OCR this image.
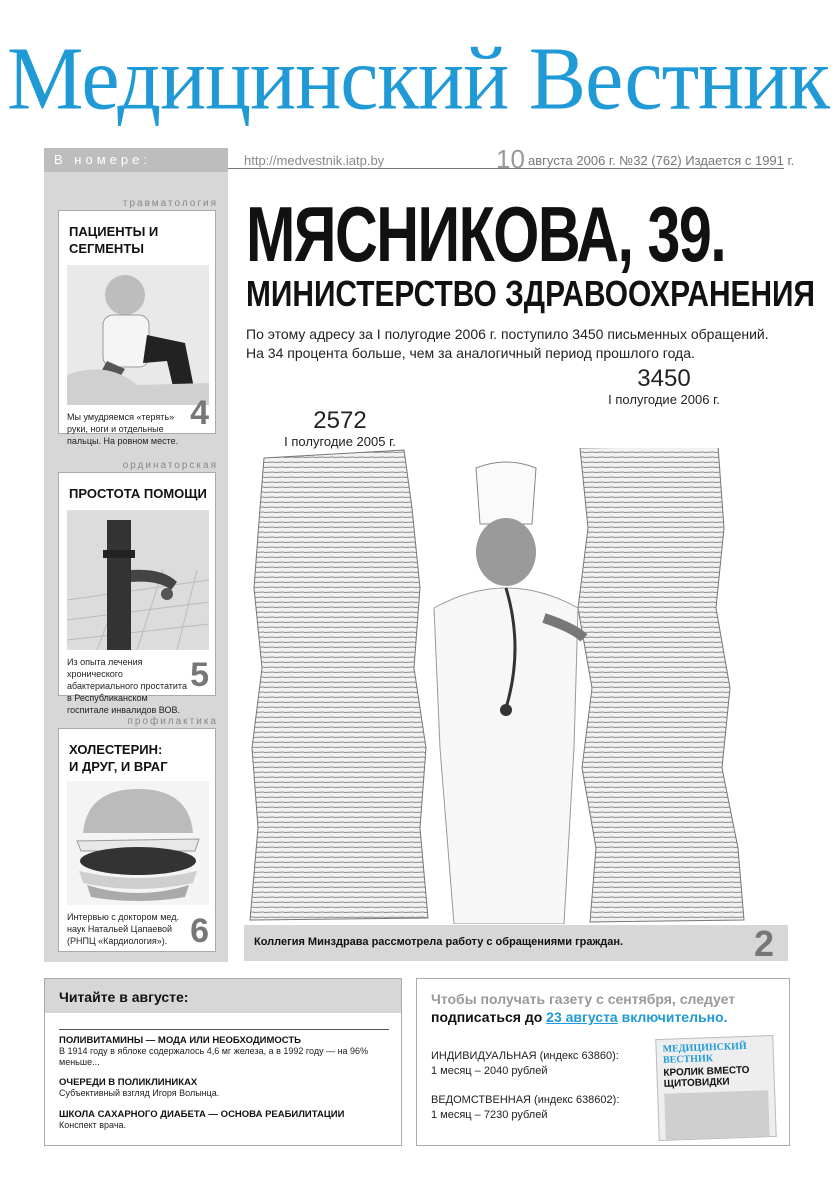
Медицинский Вестник
В номере:	http://medvestnik.iatp.by	10 августа 2006 г. №32 (762) Издается с 1991 г.
травматология
ПАЦИЕНТЫ И СЕГМЕНТЫ
Мы умудряемся «терять» руки, ноги и отдельные пальцы. На ровном месте.
4
ординаторская
ПРОСТОТА ПОМОЩИ
Из опыта лечения хронического абактериального простатита в Республиканском госпитале инвалидов ВОВ.
5
профилактика
ХОЛЕСТЕРИН:
И ДРУГ, И ВРАГ
Интервью с доктором мед. наук Натальей Цапаевой (РНПЦ «Кардиология»). 6
МЯСНИКОВА, 39.
МИНИСТЕРСТВО ЗДРАВООХРАНЕНИЯ
По этому адресу за I полугодие 2006 г. поступило 3450 письменных обращений.
На 34 процента больше, чем за аналогичный период прошлого года.
2572
I полугодие 2005 г.
3450
I полугодие 2006 г.
Коллегия Минздрава рассмотрела работу с обращениями граждан.	2
Читайте в августе:
ПОЛИВИТАМИНЫ — МОДА ИЛИ НЕОБХОДИМОСТЬ
В 1914 году в яблоке содержалось 4,6 мг железа, а в 1992 году — на 96% меньше...
ОЧЕРЕДИ В ПОЛИКЛИНИКАХ
Субъективный взгляд Игоря Волынца.
ШКОЛА САХАРНОГО ДИАБЕТА — ОСНОВА РЕАБИЛИТАЦИИ
Конспект врача.
Чтобы получать газету с сентября, следует
подписаться до 23 августа включительно.
ИНДИВИДУАЛЬНАЯ (индекс 63860):
1 месяц – 2040 рублей
ВЕДОМСТВЕННАЯ (индекс 638602):
1 месяц – 7230 рублей
МЕДИЦИНСКИЙ ВЕСТНИК
КРОЛИК ВМЕСТО ЩИТОВИДКИ
